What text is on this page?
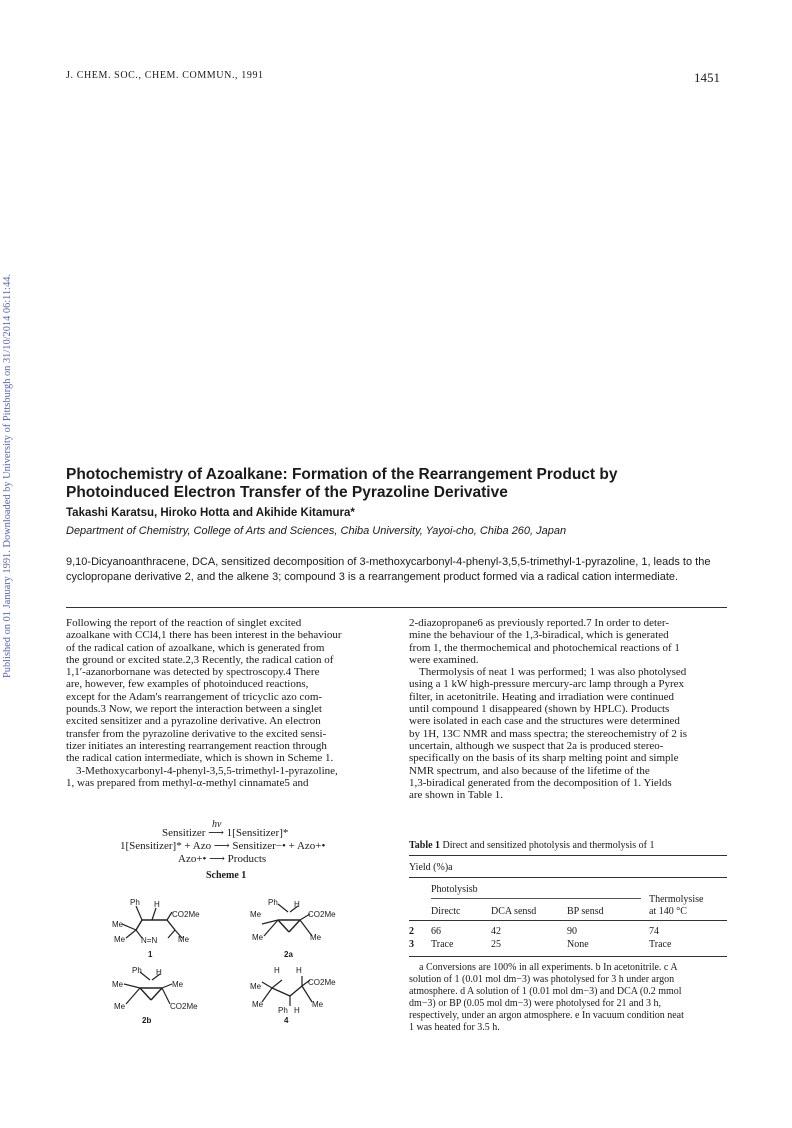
J. CHEM. SOC., CHEM. COMMUN., 1991	1451
Published on 01 January 1991. Downloaded by University of Pittsburgh on 31/10/2014 06:11:44.	Photochemistry of Azoalkane: Formation of the Rearrangement Product by Photoinduced Electron Transfer of the Pyrazoline Derivative
Takashi Karatsu, Hiroko Hotta and Akihide Kitamura*
Department of Chemistry, College of Arts and Sciences, Chiba University, Yayoi-cho, Chiba 260, Japan
9,10-Dicyanoanthracene, DCA, sensitized decomposition of 3-methoxycarbonyl-4-phenyl-3,5,5-trimethyl-1-pyrazoline, 1, leads to the cyclopropane derivative 2, and the alkene 3; compound 3 is a rearrangement product formed via a radical cation intermediate.
Following the report of the reaction of singlet excited
azoalkane with CCl4,1 there has been interest in the behaviour
of the radical cation of azoalkane, which is generated from
the ground or excited state.2,3 Recently, the radical cation of
1,1′-azanorbornane was detected by spectroscopy.4 There
are, however, few examples of photoinduced reactions,
except for the Adam's rearrangement of tricyclic azo com-
pounds.3 Now, we report the interaction between a singlet
excited sensitizer and a pyrazoline derivative. An electron
transfer from the pyrazoline derivative to the excited sensi-
tizer initiates an interesting rearrangement reaction through
the radical cation intermediate, which is shown in Scheme 1.
3-Methoxycarbonyl-4-phenyl-3,5,5-trimethyl-1-pyrazoline,
1, was prepared from methyl-α-methyl cinnamate5 and
hν
Sensitizer ⟶ 1[Sensitizer]*
1[Sensitizer]* + Azo ⟶ Sensitizer−• + Azo+•
Azo+• ⟶ Products
Scheme 1
Ph H
Me
CO2Me
Me	Me
N=N
1
Ph H
Me	CO2Me
Me	Me
2a
Ph H
Me	Me
Me	CO2Me
2b
H H
Me	CO2Me
Me	Me
Ph H
4
2-diazopropane6 as previously reported.7 In order to deter-
mine the behaviour of the 1,3-biradical, which is generated
from 1, the thermochemical and photochemical reactions of 1
were examined.
Thermolysis of neat 1 was performed; 1 was also photolysed
using a 1 kW high-pressure mercury-arc lamp through a Pyrex
filter, in acetonitrile. Heating and irradiation were continued
until compound 1 disappeared (shown by HPLC). Products
were isolated in each case and the structures were determined
by 1H, 13C NMR and mass spectra; the stereochemistry of 2 is
uncertain, although we suspect that 2a is produced stereo-
specifically on the basis of its sharp melting point and simple
NMR spectrum, and also because of the lifetime of the
1,3-biradical generated from the decomposition of 1. Yields
are shown in Table 1.
Table 1 Direct and sensitized photolysis and thermolysis of 1
Yield (%)a
Photolysisb
Thermolysise
Directc	DCA sensd	BP sensd	at 140 °C
2 66	42	90	74
3 Trace	25	None	Trace
a Conversions are 100% in all experiments. b In acetonitrile. c A
solution of 1 (0.01 mol dm−3) was photolysed for 3 h under argon
atmosphere. d A solution of 1 (0.01 mol dm−3) and DCA (0.2 mmol
dm−3) or BP (0.05 mol dm−3) were photolysed for 21 and 3 h,
respectively, under an argon atmosphere. e In vacuum condition neat
1 was heated for 3.5 h.
